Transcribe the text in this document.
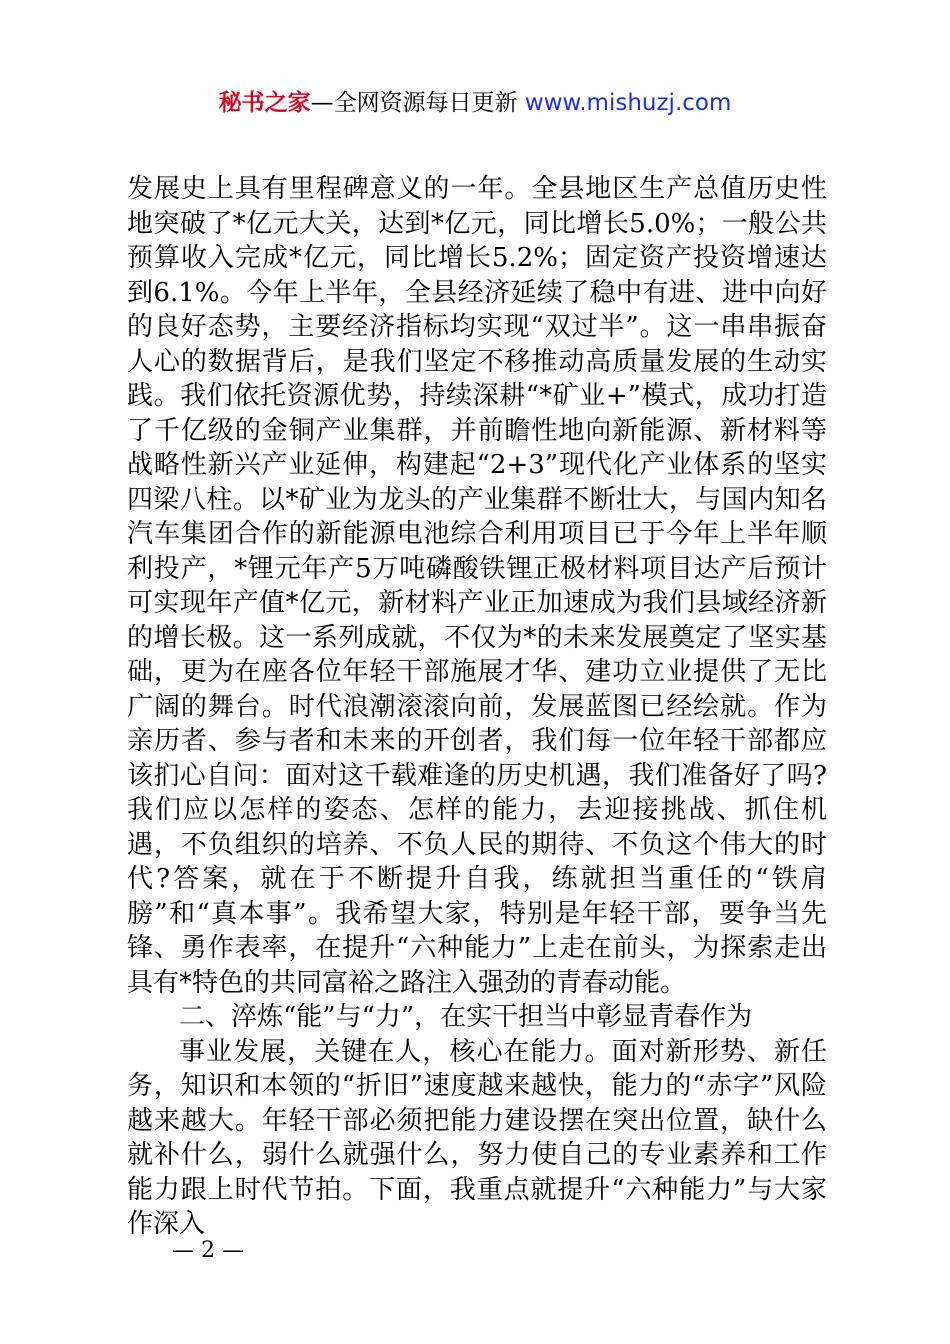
秘书之家—全网资源每日更新 www.mishuzj.com

发展史上具有里程碑意义的一年。全县地区生产总值历史性地突破了*亿元大关，达到*亿元，同比增长5.0%；一般公共预算收入完成*亿元，同比增长5.2%；固定资产投资增速达到6.1%。今年上半年，全县经济延续了稳中有进、进中向好的良好态势，主要经济指标均实现“双过半”。这一串串振奋人心的数据背后，是我们坚定不移推动高质量发展的生动实践。我们依托资源优势，持续深耕“*矿业+”模式，成功打造了千亿级的金铜产业集群，并前瞻性地向新能源、新材料等战略性新兴产业延伸，构建起“2+3”现代化产业体系的坚实四梁八柱。以*矿业为龙头的产业集群不断壮大，与国内知名汽车集团合作的新能源电池综合利用项目已于今年上半年顺利投产，*锂元年产5万吨磷酸铁锂正极材料项目达产后预计可实现年产值*亿元，新材料产业正加速成为我们县域经济新的增长极。这一系列成就，不仅为*的未来发展奠定了坚实基础，更为在座各位年轻干部施展才华、建功立业提供了无比广阔的舞台。时代浪潮滚滚向前，发展蓝图已经绘就。作为亲历者、参与者和未来的开创者，我们每一位年轻干部都应该扪心自问：面对这千载难逢的历史机遇，我们准备好了吗?我们应以怎样的姿态、怎样的能力，去迎接挑战、抓住机遇，不负组织的培养、不负人民的期待、不负这个伟大的时代?答案，就在于不断提升自我，练就担当重任的“铁肩膀”和“真本事”。我希望大家，特别是年轻干部，要争当先锋、勇作表率，在提升“六种能力”上走在前头，为探索走出具有*特色的共同富裕之路注入强劲的青春动能。

二、淬炼“能”与“力”，在实干担当中彰显青春作为

事业发展，关键在人，核心在能力。面对新形势、新任务，知识和本领的“折旧”速度越来越快，能力的“赤字”风险越来越大。年轻干部必须把能力建设摆在突出位置，缺什么就补什么，弱什么就强什么，努力使自己的专业素养和工作能力跟上时代节拍。下面，我重点就提升“六种能力”与大家作深入

— 2 —
